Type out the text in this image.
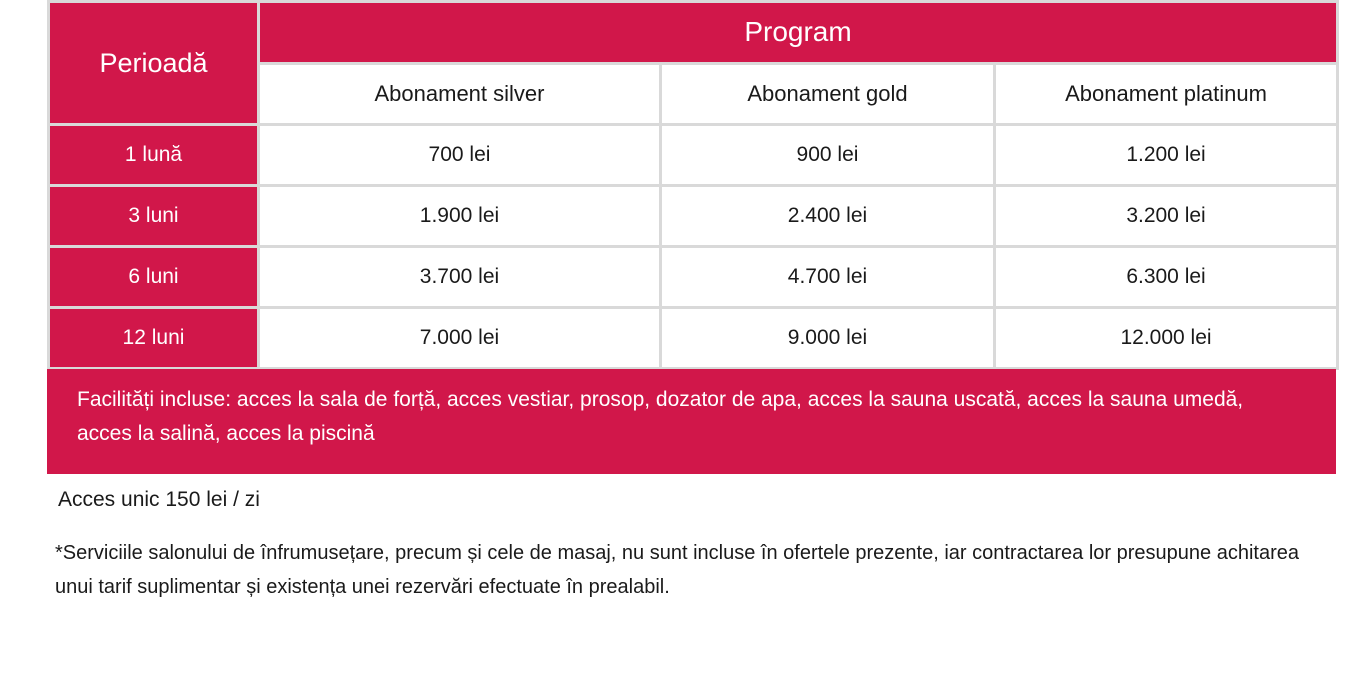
Perioadă	Program		
	Abonament silver	Abonament gold	Abonament platinum
1 lună	700 lei	900 lei	1.200 lei
3 luni	1.900 lei	2.400 lei	3.200 lei
6 luni	3.700 lei	4.700 lei	6.300 lei
12 luni	7.000 lei	9.000 lei	12.000 lei
Facilități incluse: acces la sala de forță, acces vestiar, prosop, dozator de apa, acces la sauna uscată, acces la sauna umedă, acces la salină, acces la piscină
Acces unic 150 lei / zi
*Serviciile salonului de înfrumusețare, precum și cele de masaj, nu sunt incluse în ofertele prezente, iar contractarea lor presupune achitarea unui tarif suplimentar și existența unei rezervări efectuate în prealabil.
